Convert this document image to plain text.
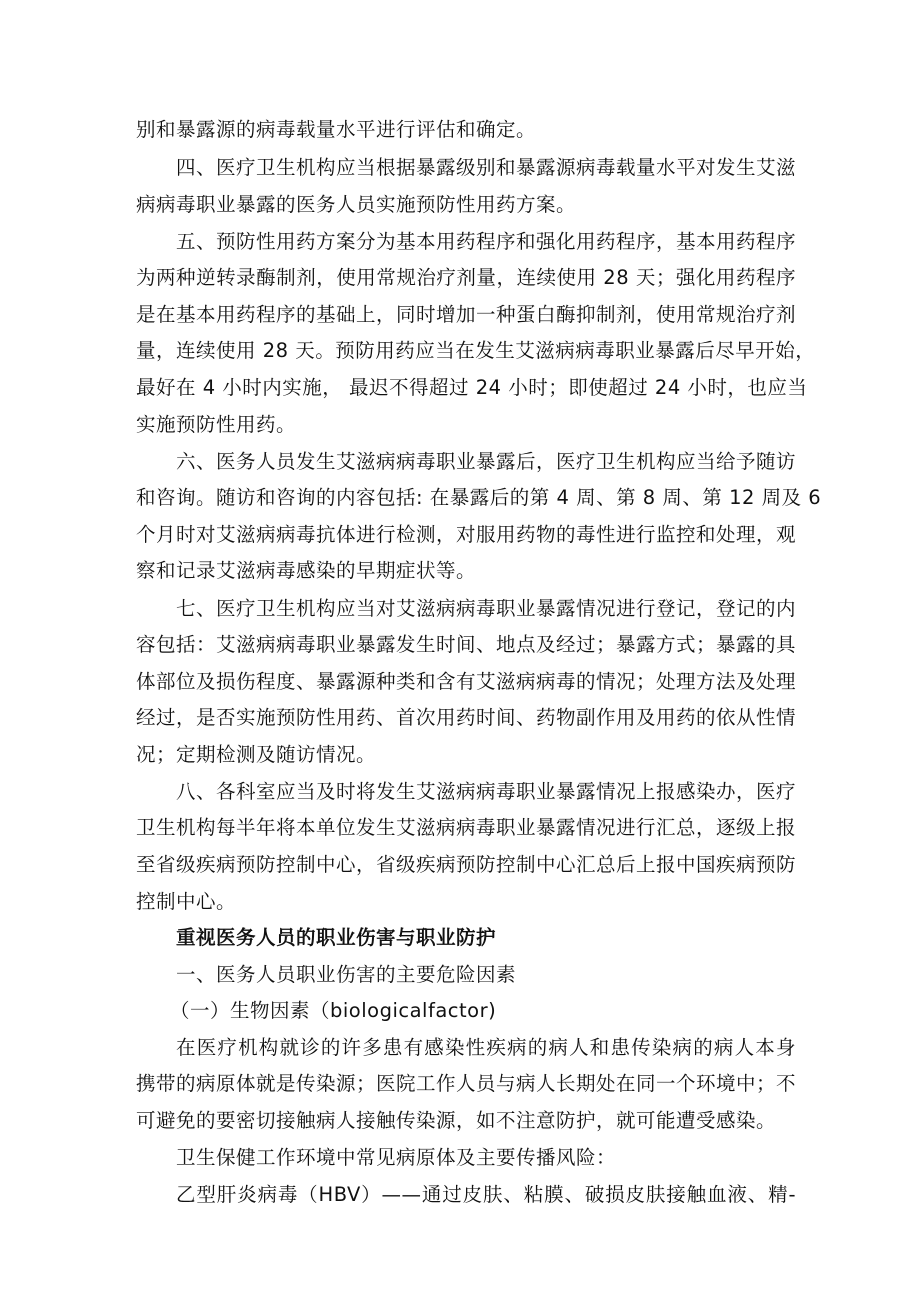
别和暴露源的病毒载量水平进行评估和确定。
四、医疗卫生机构应当根据暴露级别和暴露源病毒载量水平对发生艾滋
病病毒职业暴露的医务人员实施预防性用药方案。
五、预防性用药方案分为基本用药程序和强化用药程序，基本用药程序
为两种逆转录酶制剂，使用常规治疗剂量，连续使用 28 天；强化用药程序
是在基本用药程序的基础上，同时增加一种蛋白酶抑制剂，使用常规治疗剂
量，连续使用 28 天。预防用药应当在发生艾滋病病毒职业暴露后尽早开始，
最好在 4 小时内实施， 最迟不得超过 24 小时；即使超过 24 小时，也应当
实施预防性用药。
六、医务人员发生艾滋病病毒职业暴露后，医疗卫生机构应当给予随访
和咨询。随访和咨询的内容包括: 在暴露后的第 4 周、第 8 周、第 12 周及 6
个月时对艾滋病病毒抗体进行检测，对服用药物的毒性进行监控和处理，观
察和记录艾滋病毒感染的早期症状等。
七、医疗卫生机构应当对艾滋病病毒职业暴露情况进行登记，登记的内
容包括：艾滋病病毒职业暴露发生时间、地点及经过；暴露方式；暴露的具
体部位及损伤程度、暴露源种类和含有艾滋病病毒的情况；处理方法及处理
经过，是否实施预防性用药、首次用药时间、药物副作用及用药的依从性情
况；定期检测及随访情况。
八、各科室应当及时将发生艾滋病病毒职业暴露情况上报感染办，医疗
卫生机构每半年将本单位发生艾滋病病毒职业暴露情况进行汇总，逐级上报
至省级疾病预防控制中心，省级疾病预防控制中心汇总后上报中国疾病预防
控制中心。
重视医务人员的职业伤害与职业防护
一、医务人员职业伤害的主要危险因素
（一）生物因素（biologicalfactor)
在医疗机构就诊的许多患有感染性疾病的病人和患传染病的病人本身
携带的病原体就是传染源；医院工作人员与病人长期处在同一个环境中；不
可避免的要密切接触病人接触传染源，如不注意防护，就可能遭受感染。
卫生保健工作环境中常见病原体及主要传播风险：
乙型肝炎病毒（HBV）——通过皮肤、粘膜、破损皮肤接触血液、精-
